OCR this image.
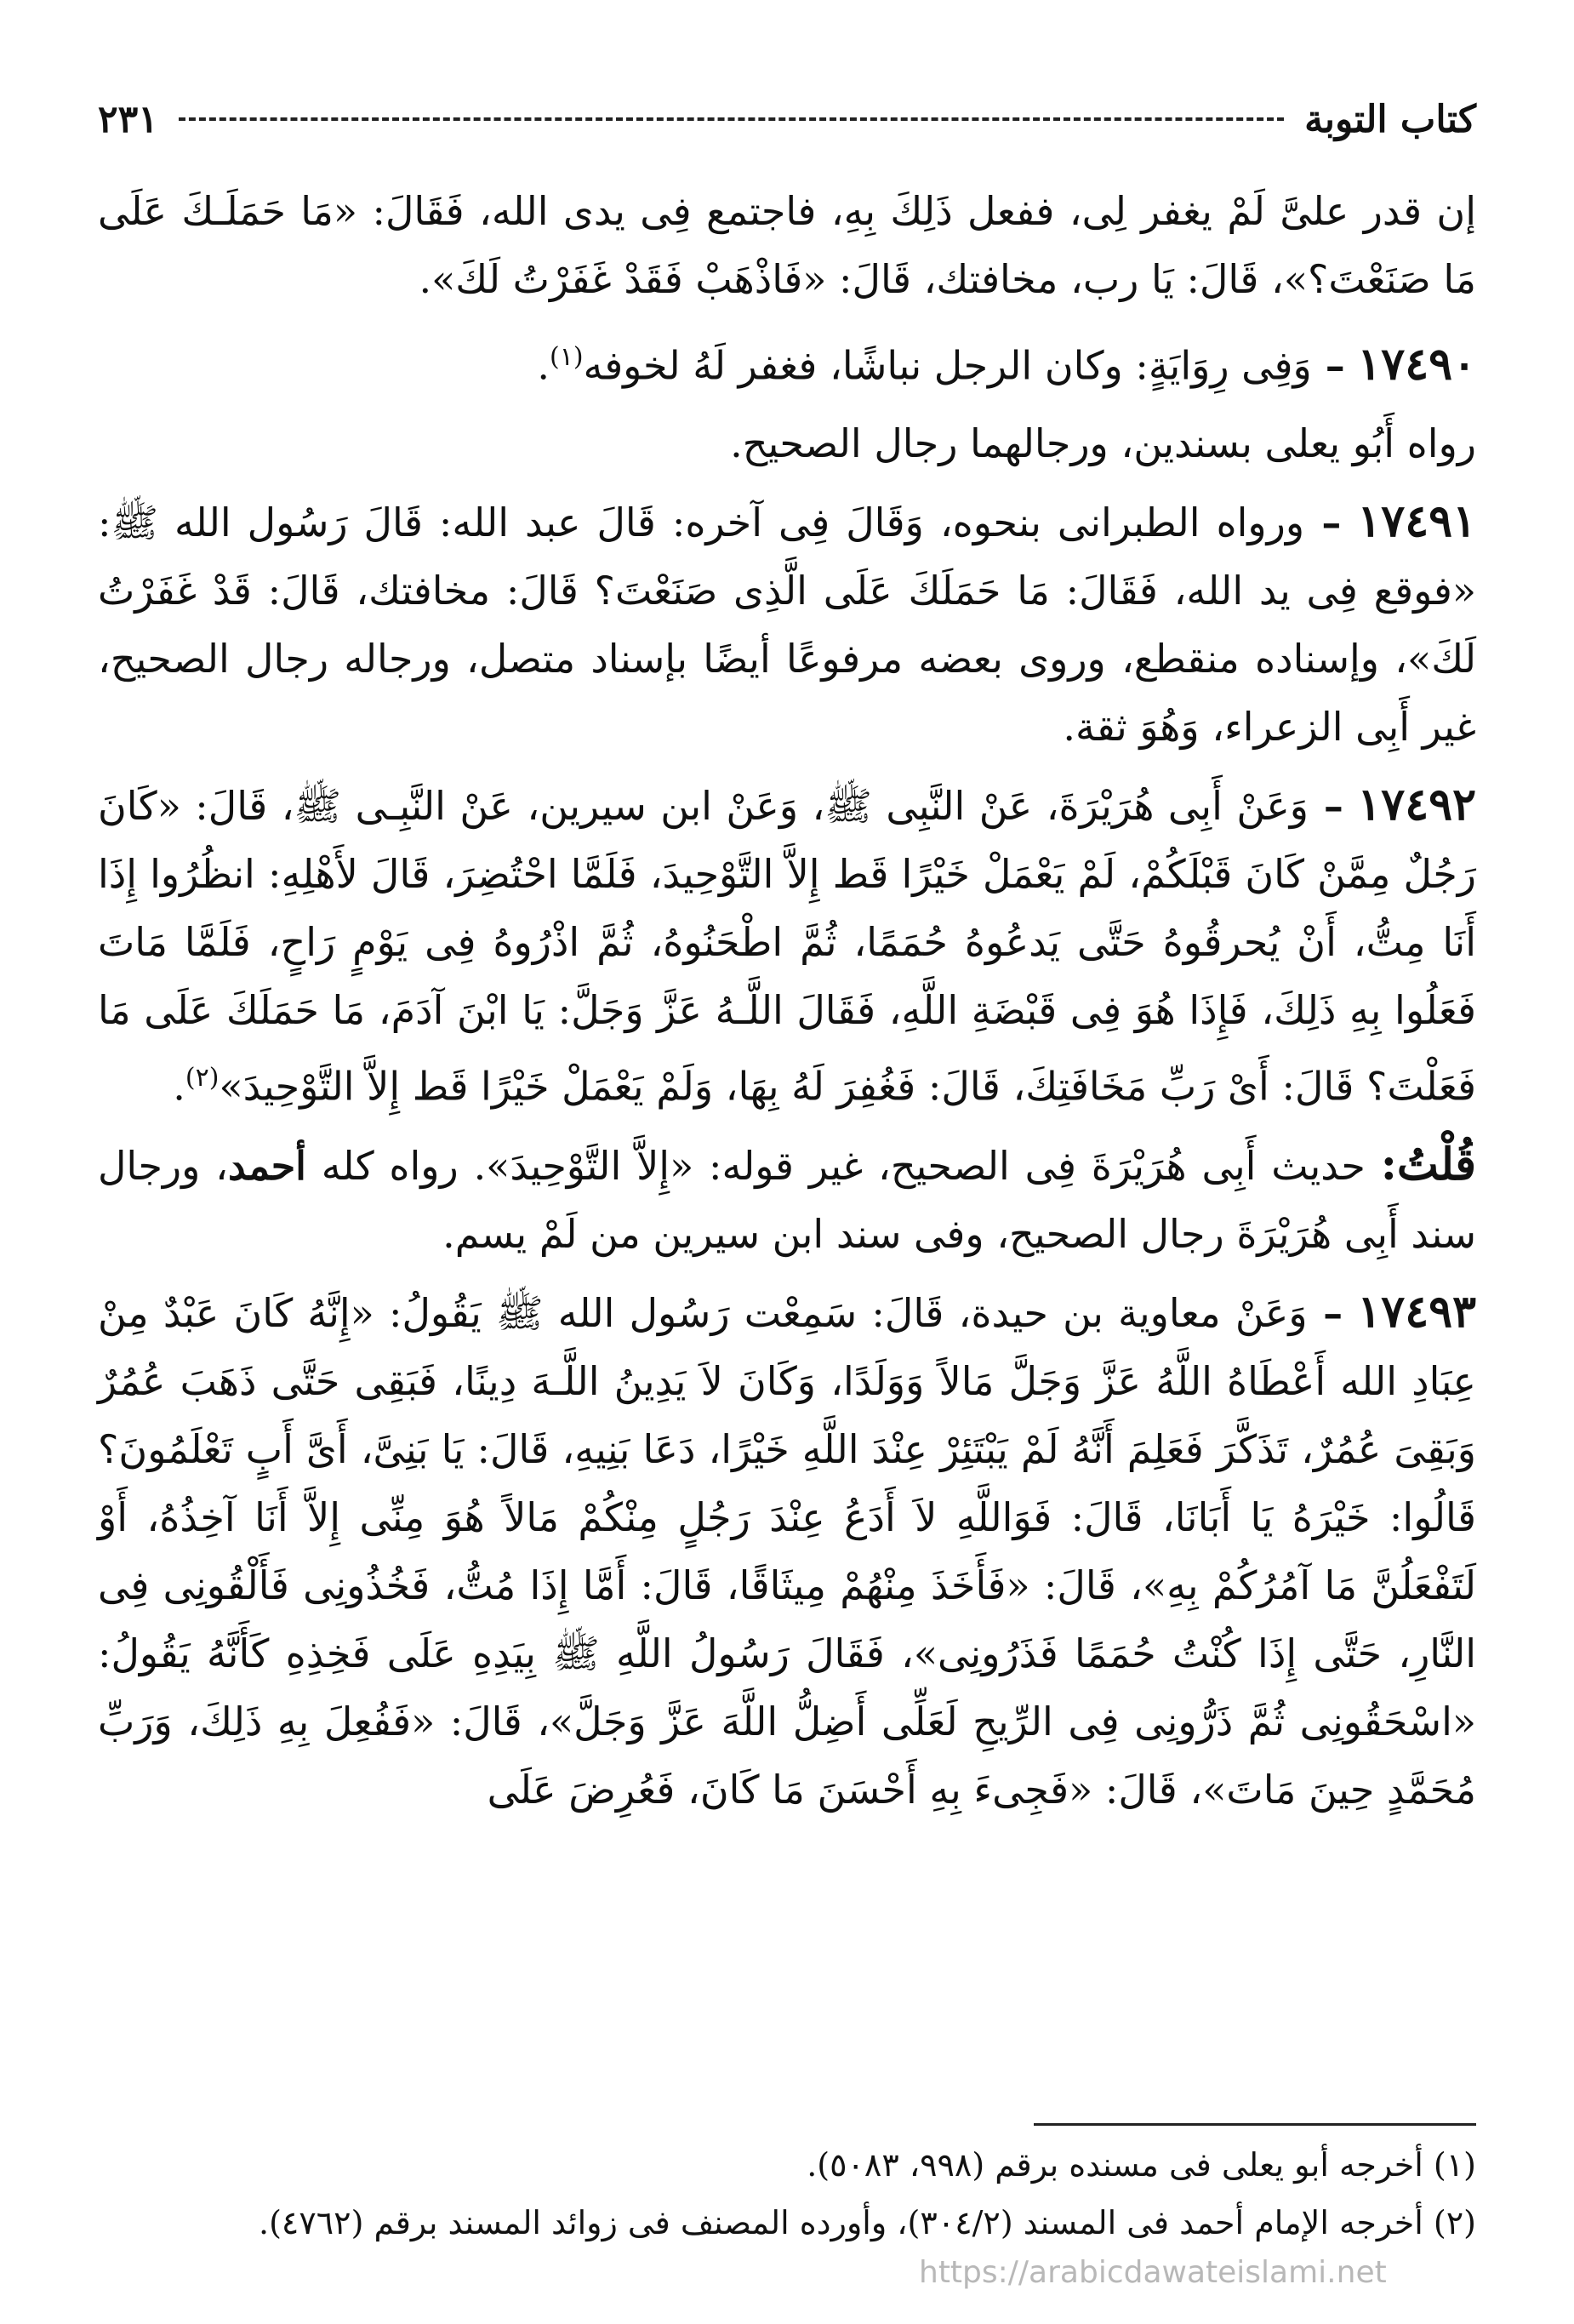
كتاب التوبة
٢٣١

إن قدر علىَّ لَمْ يغفر لِى، ففعل ذَلِكَ بِهِ، فاجتمع فِى يدى الله، فَقَالَ: «مَا حَمَلَـكَ عَلَى مَا صَنَعْتَ؟»، قَالَ: يَا رب، مخافتك، قَالَ: «فَاذْهَبْ فَقَدْ غَفَرْتُ لَكَ».

١٧٤٩٠ – وَفِى رِوَايَةٍ: وكان الرجل نباشًا، فغفر لَهُ لخوفه$^{(١)}$.

رواه أَبُو يعلى بسندين، ورجالهما رجال الصحيح.

١٧٤٩١ – ورواه الطبرانى بنحوه، وَقَالَ فِى آخره: قَالَ عبد الله: قَالَ رَسُول الله ﷺ: «فوقع فِى يد الله، فَقَالَ: مَا حَمَلَكَ عَلَى الَّذِى صَنَعْتَ؟ قَالَ: مخافتك، قَالَ: قَدْ غَفَرْتُ لَكَ»، وإسناده منقطع، وروى بعضه مرفوعًا أيضًا بإسناد متصل، ورجاله رجال الصحيح، غير أَبِى الزعراء، وَهُوَ ثقة.

١٧٤٩٢ – وَعَنْ أَبِى هُرَيْرَةَ، عَنْ النَّبِى ﷺ، وَعَنْ ابن سيرين، عَنْ النَّبِـى ﷺ، قَالَ: «كَانَ رَجُلٌ مِمَّنْ كَانَ قَبْلَكُمْ، لَمْ يَعْمَلْ خَيْرًا قَط إِلاَّ التَّوْحِيدَ، فَلَمَّا احْتُضِرَ، قَالَ لأَهْلِهِ: انظُرُوا إِذَا أَنَا مِتُّ، أَنْ يُحرقُوهُ حَتَّى يَدعُوهُ حُمَمًا، ثُمَّ اطْحَنُوهُ، ثُمَّ اذْرُوهُ فِى يَوْمٍ رَاحٍ، فَلَمَّا مَاتَ فَعَلُوا بِهِ ذَلِكَ، فَإِذَا هُوَ فِى قَبْضَةِ اللَّهِ، فَقَالَ اللَّـهُ عَزَّ وَجَلَّ: يَا ابْنَ آدَمَ، مَا حَمَلَكَ عَلَى مَا فَعَلْتَ؟ قَالَ: أَىْ رَبِّ مَخَافَتِكَ، قَالَ: فَغُفِرَ لَهُ بِهَا، وَلَمْ يَعْمَلْ خَيْرًا قَط إِلاَّ التَّوْحِيدَ»$^{(٢)}$.

قُلْتُ: حديث أَبِى هُرَيْرَةَ فِى الصحيح، غير قوله: «إِلاَّ التَّوْحِيدَ». رواه كله أحمد، ورجال سند أَبِى هُرَيْرَةَ رجال الصحيح، وفى سند ابن سيرين من لَمْ يسم.

١٧٤٩٣ – وَعَنْ معاوية بن حيدة، قَالَ: سَمِعْت رَسُول الله ﷺ يَقُولُ: «إِنَّهُ كَانَ عَبْدٌ مِنْ عِبَادِ الله أَعْطَاهُ اللَّهُ عَزَّ وَجَلَّ مَالاً وَوَلَدًا، وَكَانَ لاَ يَدِينُ اللَّـهَ دِينًا، فَبَقِى حَتَّى ذَهَبَ عُمُرٌ وَبَقِىَ عُمُرٌ، تَذَكَّرَ فَعَلِمَ أَنَّهُ لَمْ يَبْتَئِرْ عِنْدَ اللَّهِ خَيْرًا، دَعَا بَنِيهِ، قَالَ: يَا بَنِىَّ، أَىَّ أَبٍ تَعْلَمُونَ؟ قَالُوا: خَيْرَهُ يَا أَبَانَا، قَالَ: فَوَاللَّهِ لاَ أَدَعُ عِنْدَ رَجُلٍ مِنْكُمْ مَالاً هُوَ مِنِّى إِلاَّ أَنَا آخِذُهُ، أَوْ لَتَفْعَلُنَّ مَا آمُرُكُمْ بِهِ»، قَالَ: «فَأَخَذَ مِنْهُمْ مِيثَاقًا، قَالَ: أَمَّا إِذَا مُتُّ، فَخُذُونِى فَأَلْقُونِى فِى النَّارِ، حَتَّى إِذَا كُنْتُ حُمَمًا فَذَرُونِى»، فَقَالَ رَسُولُ اللَّهِ ﷺ بِيَدِهِ عَلَى فَخِذِهِ كَأَنَّهُ يَقُولُ: «اسْحَقُونِى ثُمَّ ذَرُّونِى فِى الرِّيحِ لَعَلِّى أَضِلُّ اللَّهَ عَزَّ وَجَلَّ»، قَالَ: «فَفُعِلَ بِهِ ذَلِكَ، وَرَبِّ مُحَمَّدٍ حِينَ مَاتَ»، قَالَ: «فَجِىءَ بِهِ أَحْسَنَ مَا كَانَ، فَعُرِضَ عَلَى

(١) أخرجه أبو يعلى فى مسنده برقم (٩٩٨، ٥٠٨٣).

(٢) أخرجه الإمام أحمد فى المسند (٣٠٤/٢)، وأورده المصنف فى زوائد المسند برقم (٤٧٦٢).

https://arabicdawateislami.net
